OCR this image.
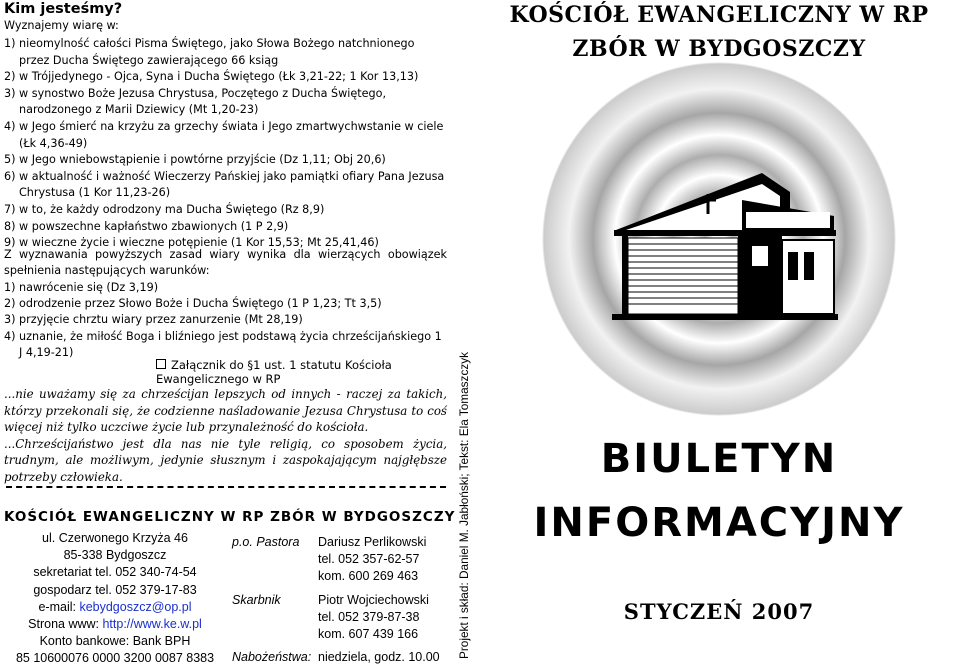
Kim jesteśmy?
Wyznajemy wiarę w:
1) nieomylność całości Pisma Świętego, jako Słowa Bożego natchnionego przez Ducha Świętego zawierającego 66 ksiąg
2) w Trójjedynego - Ojca, Syna i Ducha Świętego (Łk 3,21-22; 1 Kor 13,13)
3) w synostwo Boże Jezusa Chrystusa, Poczętego z Ducha Świętego, narodzonego z Marii Dziewicy (Mt 1,20-23)
4) w Jego śmierć na krzyżu za grzechy świata i Jego zmartwychwstanie w ciele (Łk 4,36-49)
5) w Jego wniebowstąpienie i powtórne przyjście (Dz 1,11; Obj 20,6)
6) w aktualność i ważność Wieczerzy Pańskiej jako pamiątki ofiary Pana Jezusa Chrystusa (1 Kor 11,23-26)
7) w to, że każdy odrodzony ma Ducha Świętego (Rz 8,9)
8) w powszechne kapłaństwo zbawionych (1 P 2,9)
9) w wieczne życie i wieczne potępienie (1 Kor 15,53; Mt 25,41,46)

Z wyznawania powyższych zasad wiary wynika dla wierzących obowiązek spełnienia następujących warunków:

1) nawrócenie się (Dz 3,19)
2) odrodzenie przez Słowo Boże i Ducha Świętego (1 P 1,23; Tt 3,5)
3) przyjęcie chrztu wiary przez zanurzenie (Mt 28,19)
4) uznanie, że miłość Boga i bliźniego jest podstawą życia chrześcijańskiego 1 J 4,19-21)
Załącznik do §1 ust. 1 statutu Kościoła Ewangelicznego w RP

...nie uważamy się za chrześcijan lepszych od innych - raczej za takich, którzy przekonali się, że codzienne naśladowanie Jezusa Chrystusa to coś więcej niż tylko uczciwe życie lub przynależność do kościoła.

...Chrześcijaństwo jest dla nas nie tyle religią, co sposobem życia, trudnym, ale możliwym, jedynie słusznym i zaspokajającym najgłębsze potrzeby człowieka.

KOŚCIÓŁ EWANGELICZNY W RP ZBÓR W BYDGOSZCZY
ul. Czerwonego Krzyża 46
85-338 Bydgoszcz
sekretariat tel. 052 340-74-54
gospodarz tel. 052 379-17-83
e-mail: kebydgoszcz@op.pl
Strona www: http://www.ke.w.pl
Konto bankowe: Bank BPH
85 10600076 0000 3200 0087 8383
p.o. Pastora Dariusz Perlikowski
tel. 052 357-62-57
kom. 600 269 463
Skarbnik	Piotr Wojciechowski
tel. 052 379-87-38
kom. 607 439 166
Nabożeństwa: niedziela, godz. 10.00	Projekt i skład: Daniel M. Jabłoński; Tekst: Ela Tomaszczyk
KOŚCIÓŁ EWANGELICZNY W RP
ZBÓR W BYDGOSZCZY
BIULETYN
INFORMACYJNY
STYCZEŃ 2007
